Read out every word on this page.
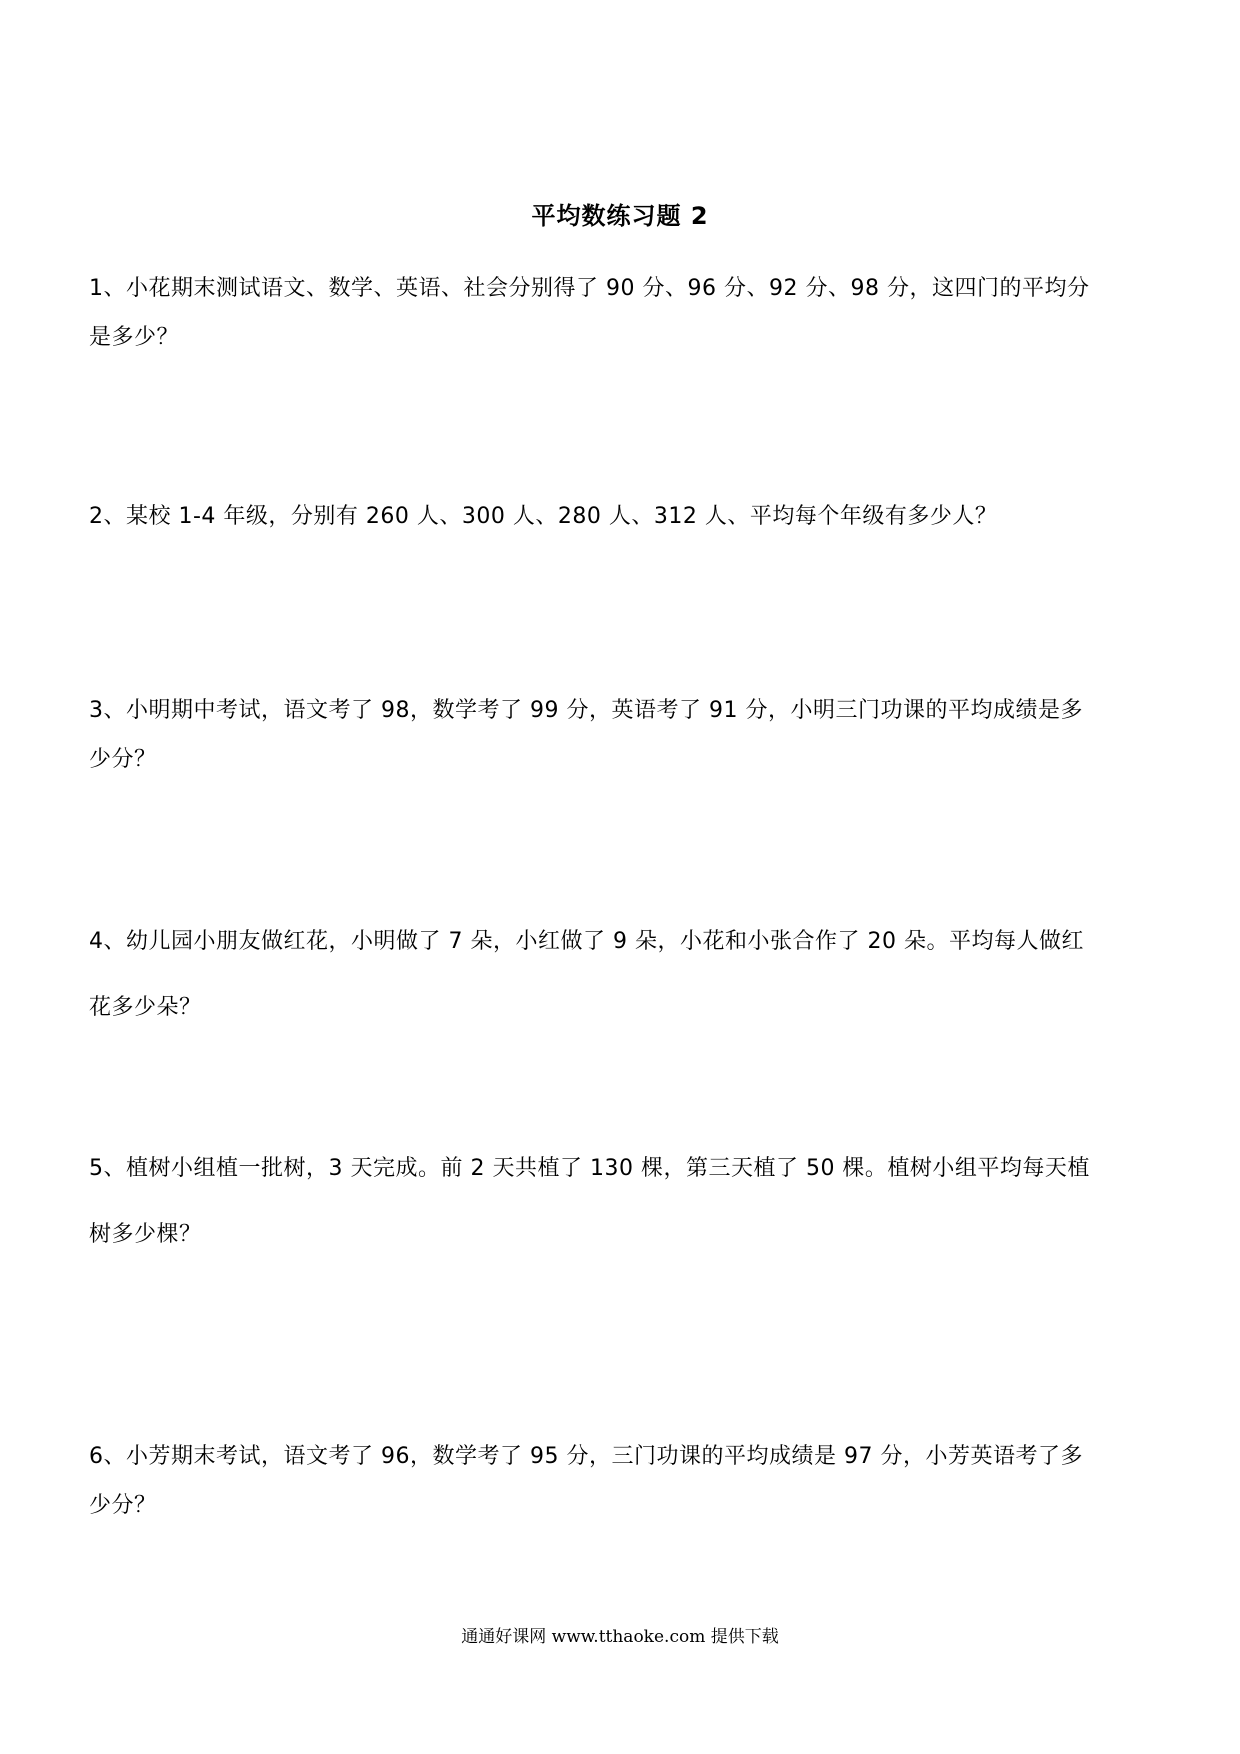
平均数练习题 2
1、小花期末测试语文、数学、英语、社会分别得了 90 分、96 分、92 分、98 分，这四门的平均分
是多少？
2、某校 1-4 年级，分别有 260 人、300 人、280 人、312 人、平均每个年级有多少人？
3、小明期中考试，语文考了 98，数学考了 99 分，英语考了 91 分，小明三门功课的平均成绩是多
少分？
4、幼儿园小朋友做红花，小明做了 7 朵，小红做了 9 朵，小花和小张合作了 20 朵。平均每人做红
花多少朵？
5、植树小组植一批树，3 天完成。前 2 天共植了 130 棵，第三天植了 50 棵。植树小组平均每天植
树多少棵？
6、小芳期末考试，语文考了 96，数学考了 95 分，三门功课的平均成绩是 97 分，小芳英语考了多
少分？
通通好课网 www.tthaoke.com 提供下载
